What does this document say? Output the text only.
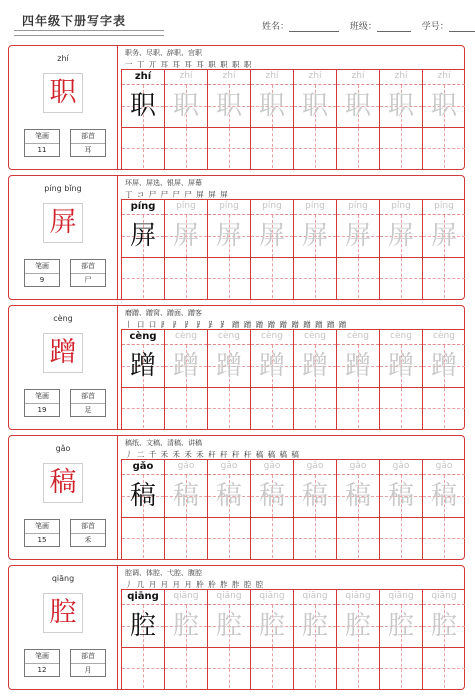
四年级下册写字表	姓名：	班级：	学号：
zhí
职
笔画
11
部首
耳
职务、尽职、辞职、官职
一 丅 丌 耳 耳 耳 耳 职 职 职 职
zhí
职
zhí
职
zhí
职
zhí
职
zhí
职
zhí
职
zhí
职
zhí
职
píng bǐng
屏
笔画
9
部首
尸
环屏、屏选、银屏、屏幕
丁 コ 尸 尸 尸 尸 屏 屏 屏
píng
屏
píng
屏
píng
屏
píng
屏
píng
屏
píng
屏
píng
屏
píng
屏
cèng
蹭
笔画
19
部首
足
磨蹭、蹭窝、蹭面、蹭客
丨 口 口 ⻊ ⻊ ⻊ ⻊ 𧾷 𧾷 蹭 蹭 蹭 蹭 蹭 蹭 蹭 蹭 蹭 蹭
cèng
蹭
cèng
蹭
cèng
蹭
cèng
蹭
cèng
蹭
cèng
蹭
cèng
蹭
cèng
蹭
gǎo
稿
笔画
15
部首
禾
稿纸、文稿、清稿、讲稿
丿 二 千 禾 禾 禾 禾 秆 秆 秆 秆 稿 稿 稿 稿
gǎo
稿
gǎo
稿
gǎo
稿
gǎo
稿
gǎo
稿
gǎo
稿
gǎo
稿
gǎo
稿
qiāng
腔
笔画
12
部首
月
腔调、体腔、弋腔、腹腔
丿 几 月 月 月 月 肸 肸 胙 胙 腔 腔
qiāng
腔
qiāng
腔
qiāng
腔
qiāng
腔
qiāng
腔
qiāng
腔
qiāng
腔
qiāng
腔
